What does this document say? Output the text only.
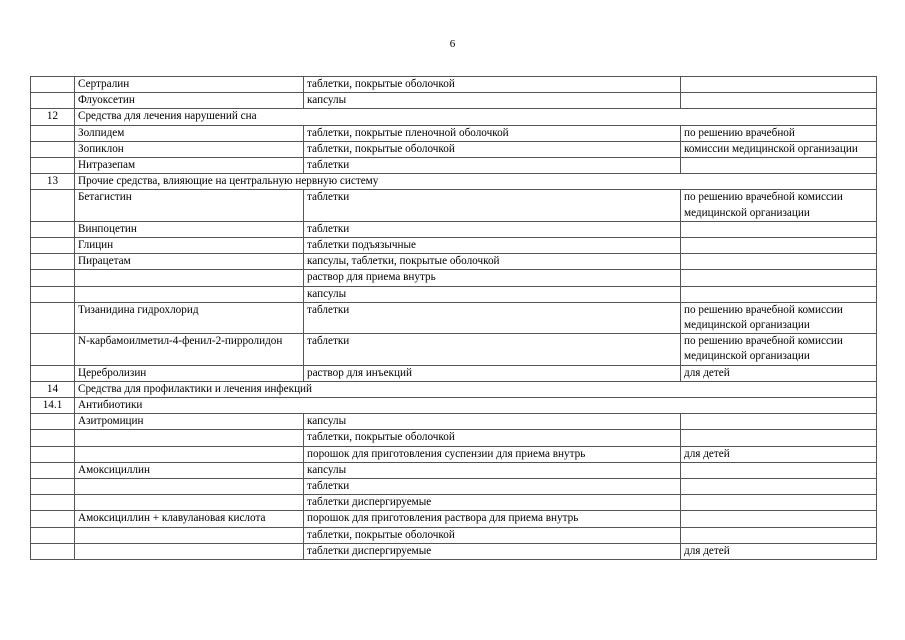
6
	Сертралин	таблетки, покрытые оболочкой	
	Флуоксетин	капсулы	
12	Средства для лечения нарушений сна		
	Золпидем	таблетки, покрытые пленочной оболочкой	по решению врачебной
	Зопиклон	таблетки, покрытые оболочкой	комиссии медицинской организации
	Нитразепам	таблетки	
13	Прочие средства, влияющие на центральную нервную систему		
	Бетагистин	таблетки	по решению врачебной комиссии медицинской организации
	Винпоцетин	таблетки	
	Глицин	таблетки подъязычные	
	Пирацетам	капсулы, таблетки, покрытые оболочкой	
		раствор для приема внутрь	
		капсулы	
	Тизанидина гидрохлорид	таблетки	по решению врачебной комиссии медицинской организации
	N-карбамоилметил-4-фенил-2-пирролидон	таблетки	по решению врачебной комиссии медицинской организации
	Церебролизин	раствор для инъекций	для детей
14	Средства для профилактики и лечения инфекций		
14.1	Антибиотики		
	Азитромицин	капсулы	
		таблетки, покрытые оболочкой	
		порошок для приготовления суспензии для приема внутрь	для детей
	Амоксициллин	капсулы	
		таблетки	
		таблетки диспергируемые	
	Амоксициллин + клавулановая кислота	порошок для приготовления раствора для приема внутрь	
		таблетки, покрытые оболочкой	
		таблетки диспергируемые	для детей
